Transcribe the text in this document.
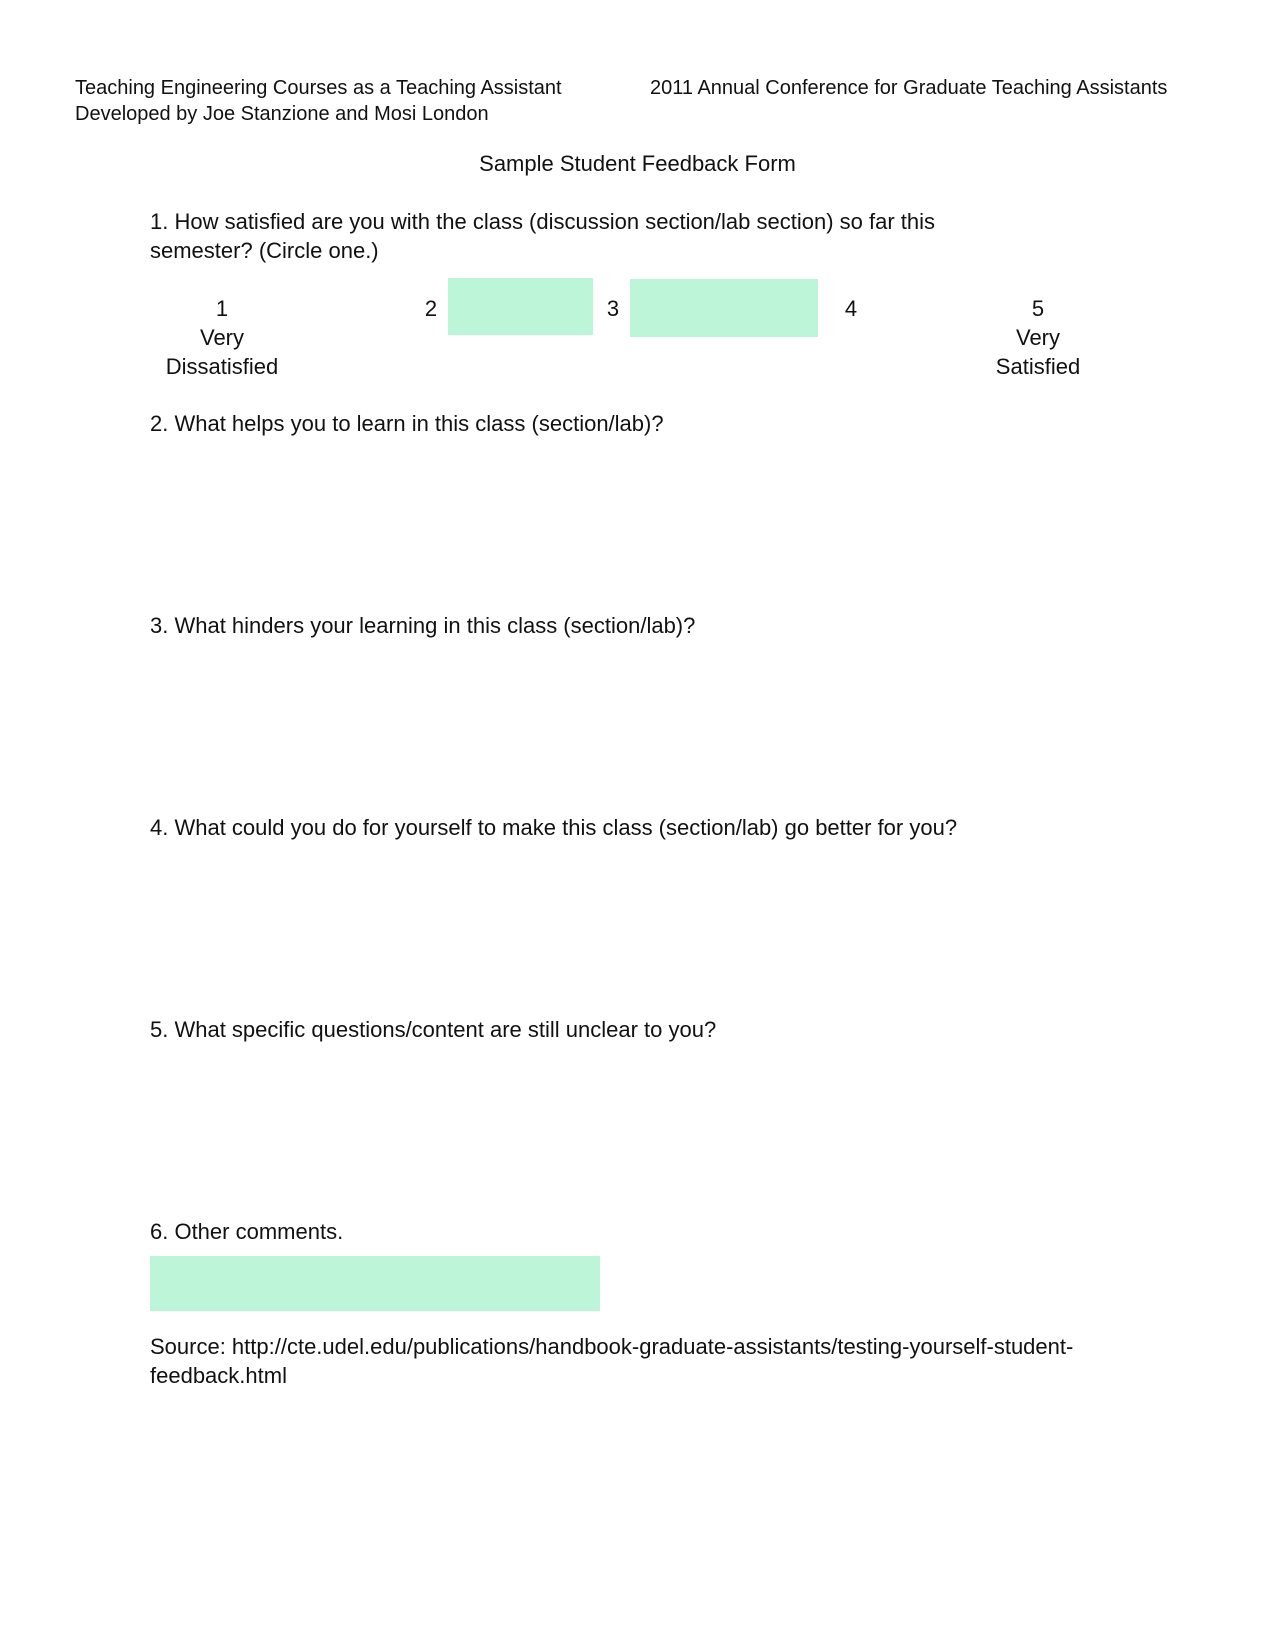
Teaching Engineering Courses as a Teaching Assistant
Developed by Joe Stanzione and Mosi London
2011 Annual Conference for Graduate Teaching Assistants
Sample Student Feedback Form
1. How satisfied are you with the class (discussion section/lab section) so far this
semester? (Circle one.)
1
Very
Dissatisfied
2	3	4	5
Very
Satisfied
2. What helps you to learn in this class (section/lab)?
3. What hinders your learning in this class (section/lab)?
4. What could you do for yourself to make this class (section/lab) go better for you?
5. What specific questions/content are still unclear to you?
6. Other comments.
Source: http://cte.udel.edu/publications/handbook-graduate-assistants/testing-yourself-student-
feedback.html
